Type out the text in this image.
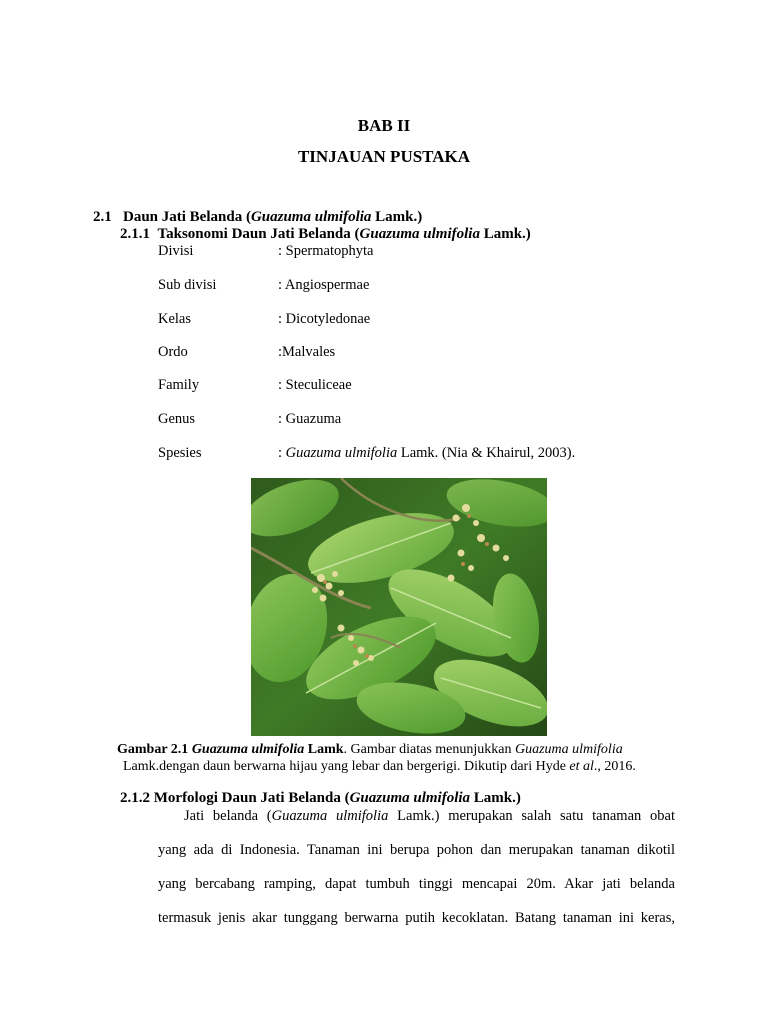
BAB II
TINJAUAN PUSTAKA
2.1 Daun Jati Belanda (Guazuma ulmifolia Lamk.)
2.1.1 Taksonomi Daun Jati Belanda (Guazuma ulmifolia Lamk.)
Divisi	: Spermatophyta
Sub divisi	: Angiospermae
Kelas	: Dicotyledonae
Ordo	:Malvales
Family	: Steculiceae
Genus	: Guazuma
Spesies	: Guazuma ulmifolia Lamk. (Nia & Khairul, 2003).
Gambar 2.1 Guazuma ulmifolia Lamk. Gambar diatas menunjukkan Guazuma ulmifolia
Lamk.dengan daun berwarna hijau yang lebar dan bergerigi. Dikutip dari Hyde et al., 2016.
2.1.2 Morfologi Daun Jati Belanda (Guazuma ulmifolia Lamk.)
Jati belanda (Guazuma ulmifolia Lamk.) merupakan salah satu tanaman obat
yang ada di Indonesia. Tanaman ini berupa pohon dan merupakan tanaman dikotil
yang bercabang ramping, dapat tumbuh tinggi mencapai 20m. Akar jati belanda
termasuk jenis akar tunggang berwarna putih kecoklatan. Batang tanaman ini keras,
